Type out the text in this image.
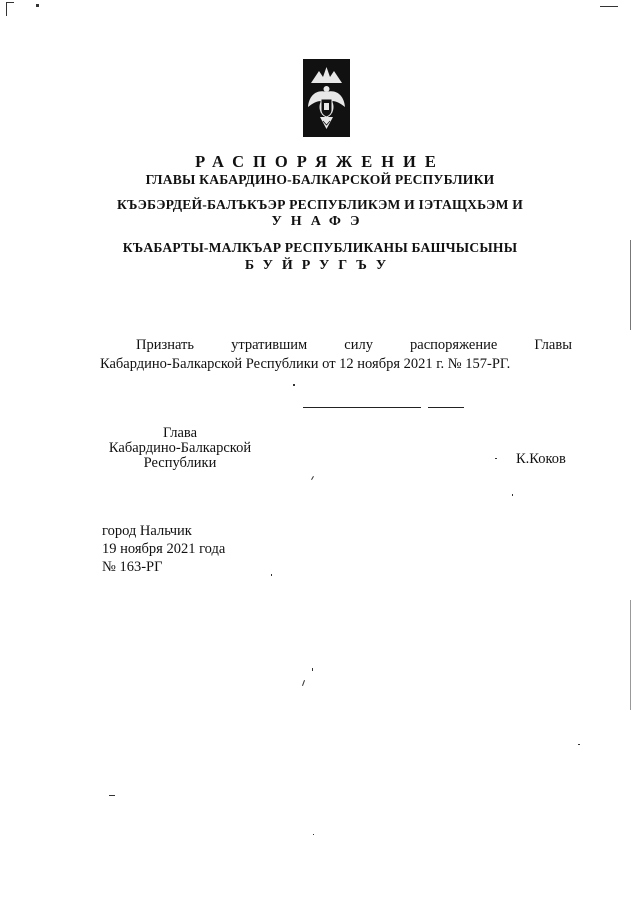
РАСПОРЯЖЕНИЕ
ГЛАВЫ КАБАРДИНО-БАЛКАРСКОЙ РЕСПУБЛИКИ
КЪЭБЭРДЕЙ-БАЛЪКЪЭР РЕСПУБЛИКЭМ И IЭТАЩХЬЭМ И
УНАФЭ
КЪАБАРТЫ-МАЛКЪАР РЕСПУБЛИКАНЫ БАШЧЫСЫНЫ
БУЙРУГЪУ
Признать	утратившим	силу	распоряжение	Главы
Кабардино-Балкарской Республики от 12 ноября 2021 г. № 157-РГ.
Глава
Кабардино-Балкарской
Республики	К.Коков
город Нальчик
19 ноября 2021 года
№ 163-РГ
